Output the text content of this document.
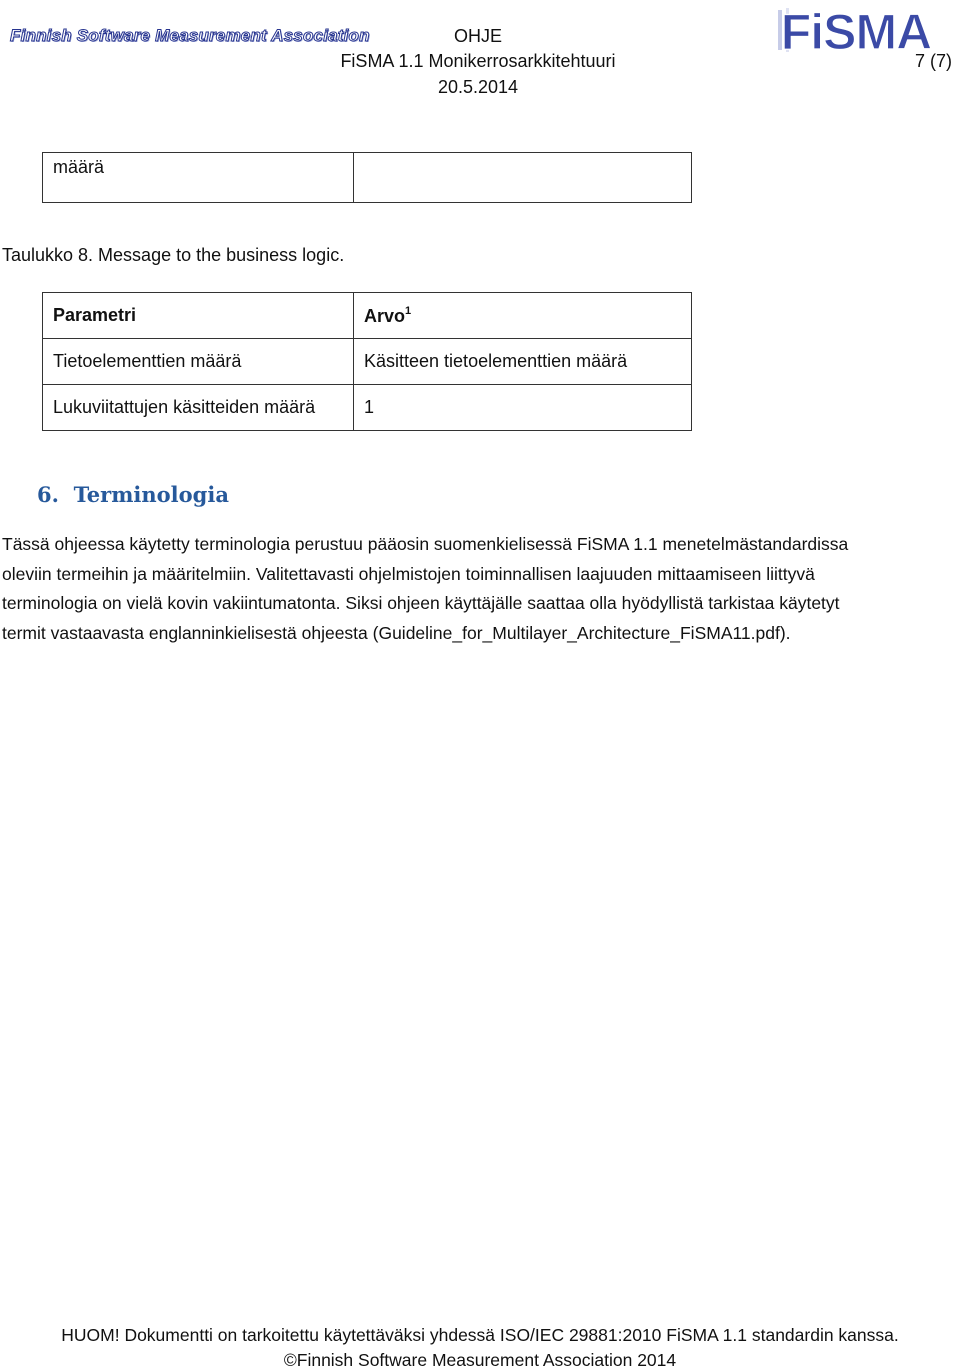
Finnish Software Measurement Association	OHJE
FiSMA 1.1 Monikerrosarkkitehtuuri
20.5.2014
7 (7)
FiSMA
määrä	
Taulukko 8. Message to the business logic.
Parametri	Arvo$^1$
Tietoelementtien määrä	Käsitteen tietoelementtien määrä
Lukuviitattujen käsitteiden määrä	1
6. Terminologia
Tässä ohjeessa käytetty terminologia perustuu pääosin suomenkielisessä FiSMA 1.1 menetelmästandardissa
oleviin termeihin ja määritelmiin. Valitettavasti ohjelmistojen toiminnallisen laajuuden mittaamiseen liittyvä
terminologia on vielä kovin vakiintumatonta. Siksi ohjeen käyttäjälle saattaa olla hyödyllistä tarkistaa käytetyt
termit vastaavasta englanninkielisestä ohjeesta (Guideline_for_Multilayer_Architecture_FiSMA11.pdf).
HUOM! Dokumentti on tarkoitettu käytettäväksi yhdessä ISO/IEC 29881:2010 FiSMA 1.1 standardin kanssa.
©Finnish Software Measurement Association 2014
